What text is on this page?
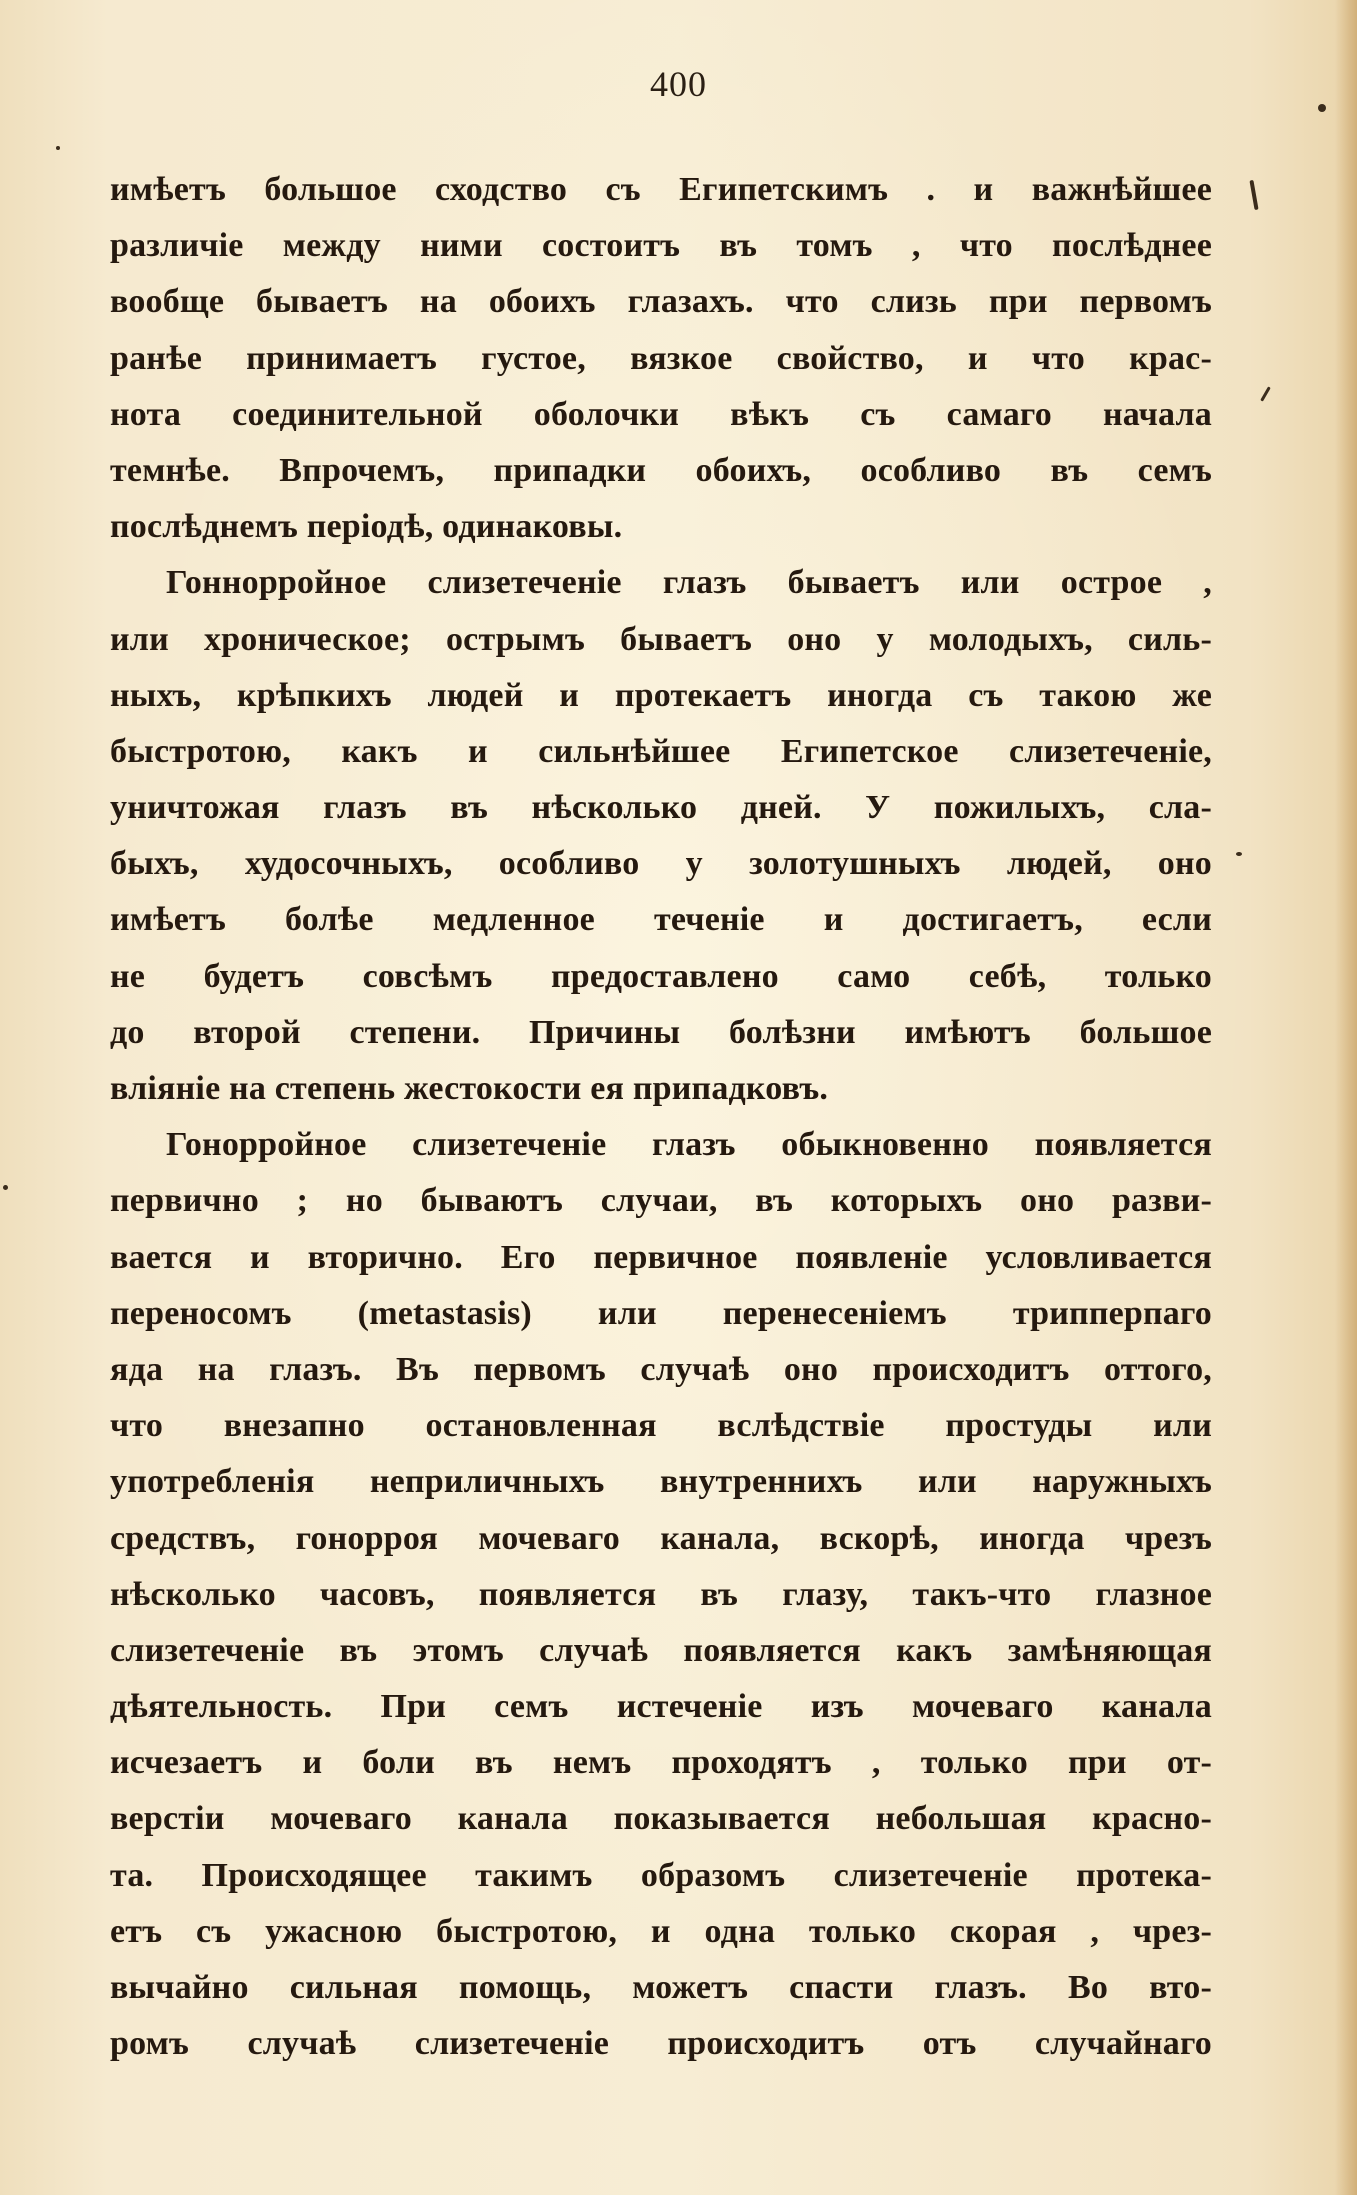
400
имѣетъ большое сходство съ Египетскимъ . и важнѣйшее
различіе между ними состоитъ въ томъ , что послѣднее
вообще бываетъ на обоихъ глазахъ. что слизь при первомъ
ранѣе принимаетъ густое, вязкое свойство, и что крас-
нота соединительной оболочки вѣкъ съ самаго начала
темнѣе. Впрочемъ, припадки обоихъ, особливо въ семъ
послѣднемъ періодѣ, одинаковы.
Гоннорройное слизетеченіе глазъ бываетъ или острое ,
или хроническое; острымъ бываетъ оно у молодыхъ, силь-
ныхъ, крѣпкихъ людей и протекаетъ иногда съ такою же
быстротою, какъ и сильнѣйшее Египетское слизетеченіе,
уничтожая глазъ въ нѣсколько дней. У пожилыхъ, сла-
быхъ, худосочныхъ, особливо у золотушныхъ людей, оно
имѣетъ болѣе медленное теченіе и достигаетъ, если
не будетъ совсѣмъ предоставлено само себѣ, только
до второй степени. Причины болѣзни имѣютъ большое
вліяніе на степень жестокости ея припадковъ.
Гонорройное слизетеченіе глазъ обыкновенно появляется
первично ; но бываютъ случаи, въ которыхъ оно разви-
вается и вторично. Его первичное появленіе условливается
переносомъ (metastasis) или перенесеніемъ трипперпаго
яда на глазъ. Въ первомъ случаѣ оно происходитъ оттого,
что внезапно остановленная вслѣдствіе простуды или
употребленія неприличныхъ внутреннихъ или наружныхъ
средствъ, гонорроя мочеваго канала, вскорѣ, иногда чрезъ
нѣсколько часовъ, появляется въ глазу, такъ-что глазное
слизетеченіе въ этомъ случаѣ появляется какъ замѣняющая
дѣятельность. При семъ истеченіе изъ мочеваго канала
исчезаетъ и боли въ немъ проходятъ , только при от-
верстіи мочеваго канала показывается небольшая красно-
та. Происходящее такимъ образомъ слизетеченіе протека-
етъ съ ужасною быстротою, и одна только скорая , чрез-
вычайно сильная помощь, можетъ спасти глазъ. Во вто-
ромъ случаѣ слизетеченіе происходитъ отъ случайнаго
